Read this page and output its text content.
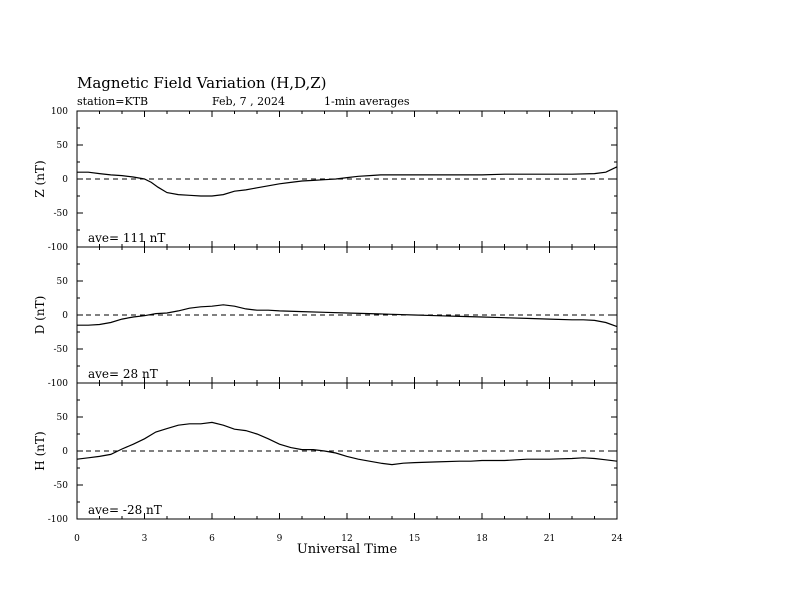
Magnetic Field Variation (H,D,Z)
station=KTB	Feb, 7 , 2024	1-min averages
100
50
0
-50
-100
Z (nT)
ave= 111 nT
50
0
-50
-100
D (nT)
ave= 28 nT
50
0
-50
-100
H (nT)
ave= -28 nT
0	3	6	9	12	15	18	21	24
Universal Time
